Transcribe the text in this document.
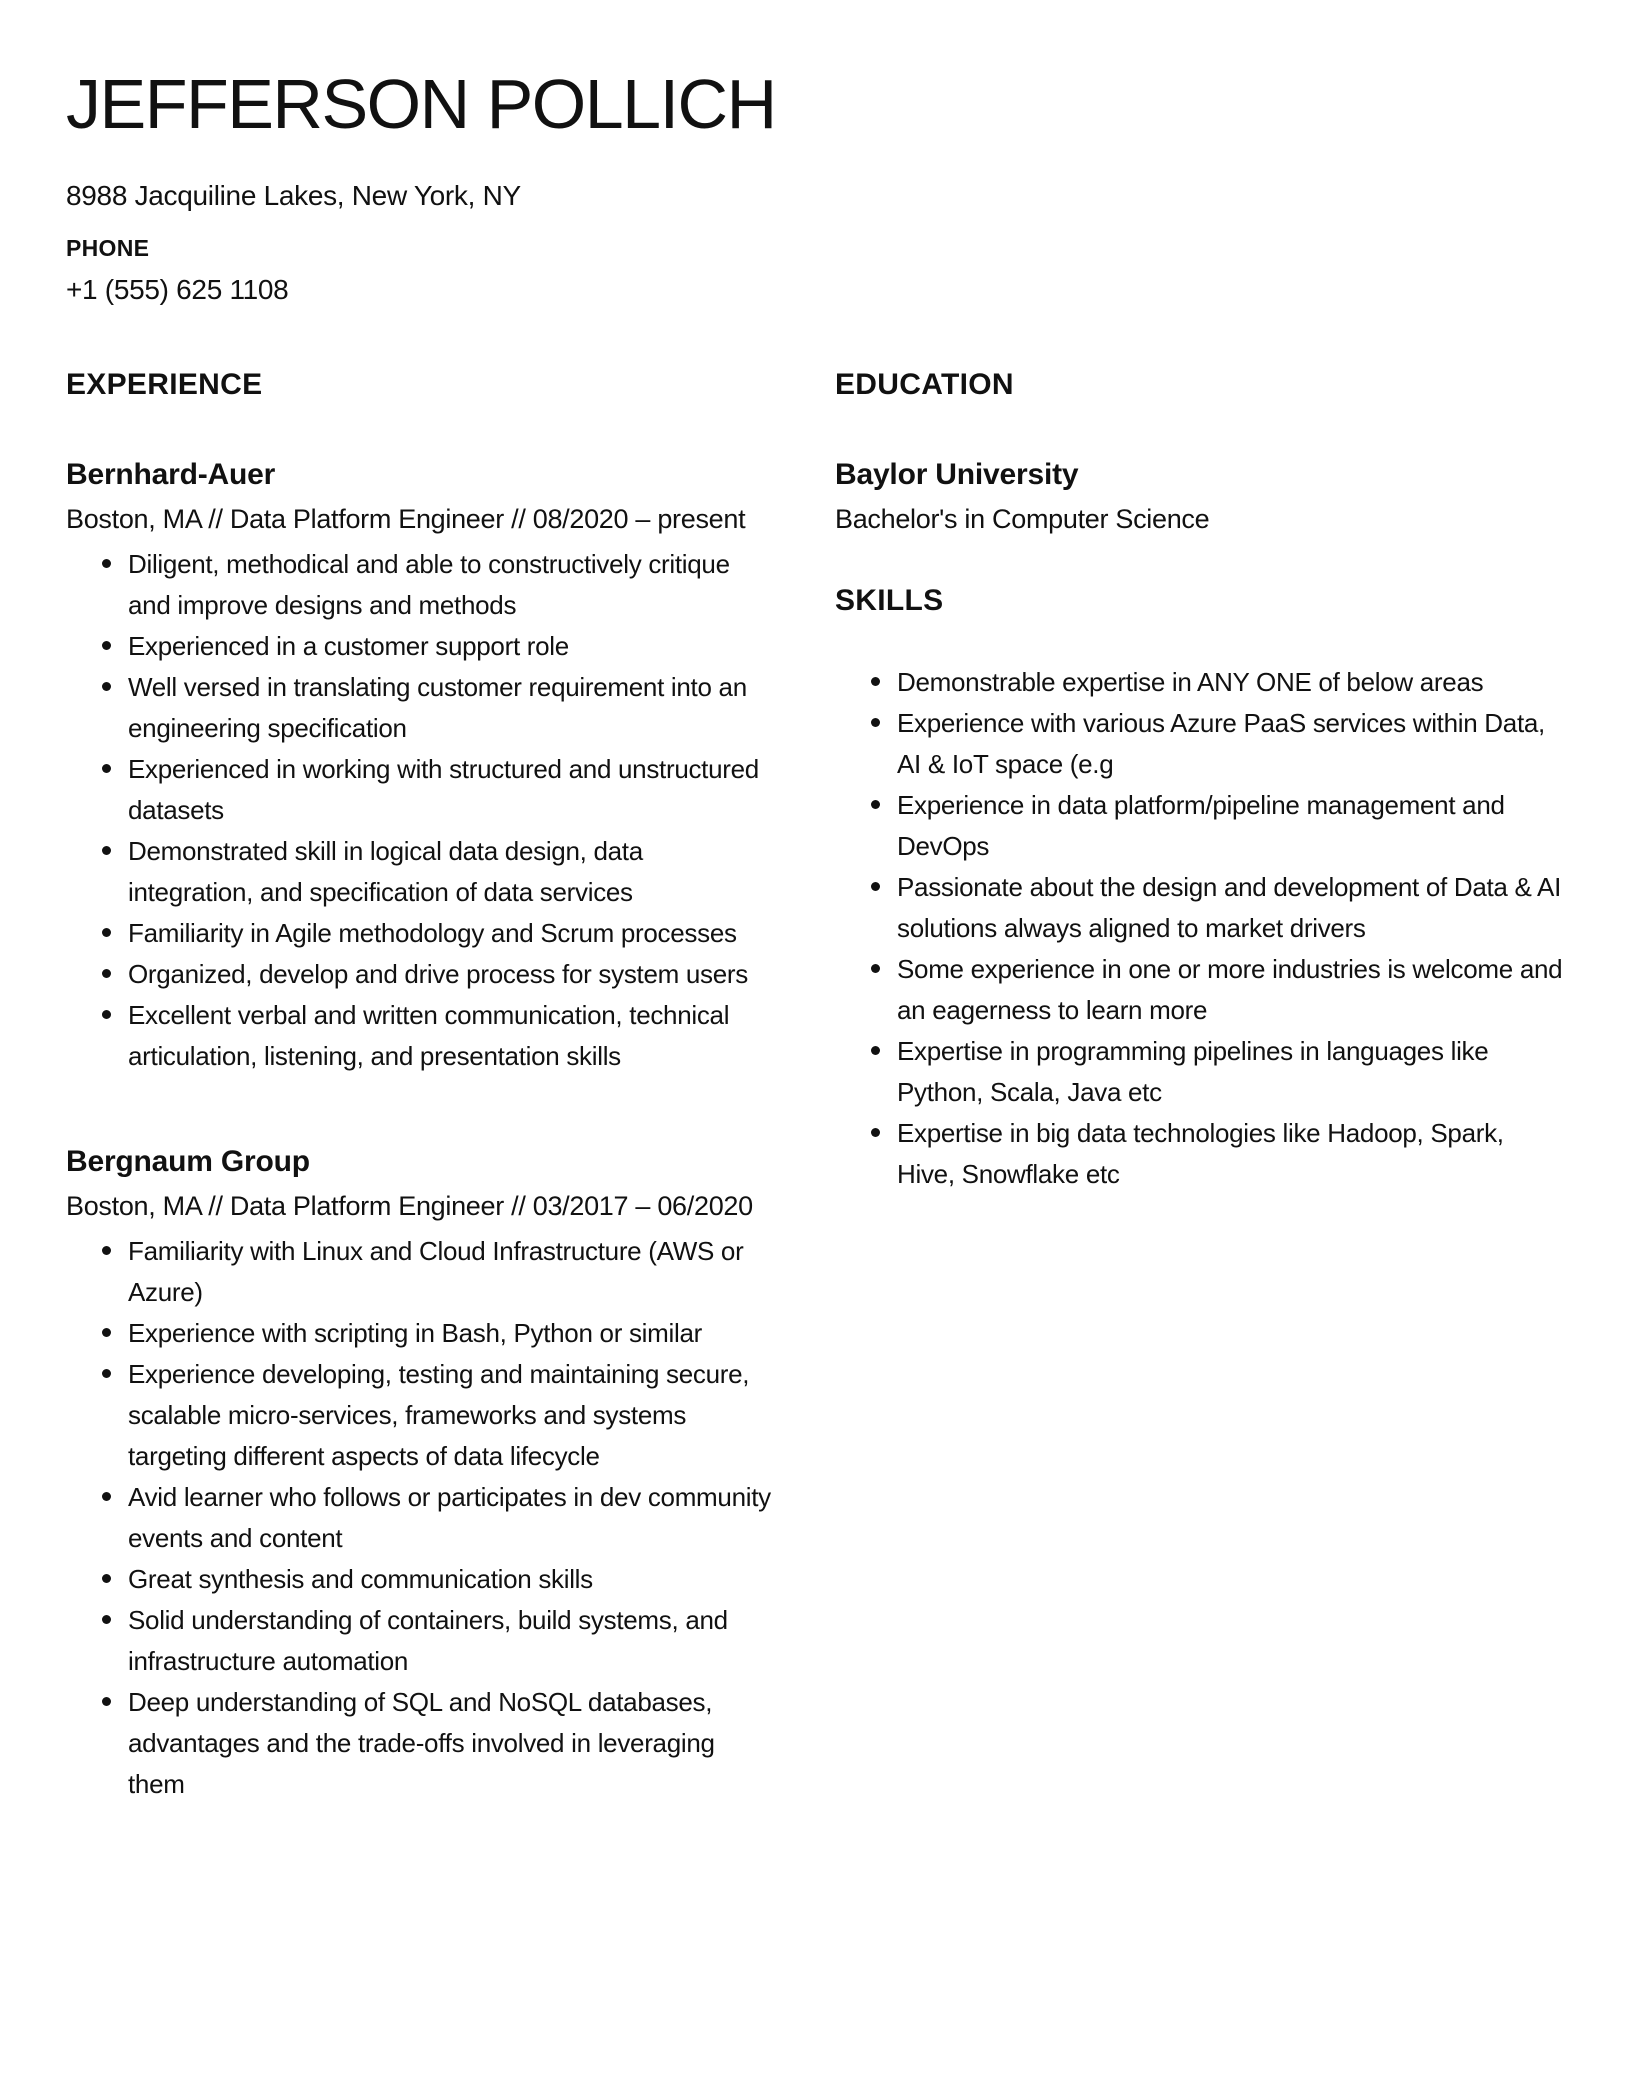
JEFFERSON POLLICH

8988 Jacquiline Lakes, New York, NY

PHONE
+1 (555) 625 1108
EXPERIENCE
Bernhard-Auer

Boston, MA // Data Platform Engineer // 08/2020 – present

Diligent, methodical and able to constructively critique and improve designs and methods
Experienced in a customer support role
Well versed in translating customer requirement into an engineering specification
Experienced in working with structured and unstructured datasets
Demonstrated skill in logical data design, data integration, and specification of data services
Familiarity in Agile methodology and Scrum processes
Organized, develop and drive process for system users
Excellent verbal and written communication, technical articulation, listening, and presentation skills
Bergnaum Group

Boston, MA // Data Platform Engineer // 03/2017 – 06/2020

Familiarity with Linux and Cloud Infrastructure (AWS or Azure)
Experience with scripting in Bash, Python or similar
Experience developing, testing and maintaining secure, scalable micro-services, frameworks and systems targeting different aspects of data lifecycle
Avid learner who follows or participates in dev community events and content
Great synthesis and communication skills
Solid understanding of containers, build systems, and infrastructure automation
Deep understanding of SQL and NoSQL databases, advantages and the trade-offs involved in leveraging them
EDUCATION
Baylor University

Bachelor's in Computer Science

SKILLS
Demonstrable expertise in ANY ONE of below areas
Experience with various Azure PaaS services within Data, AI & IoT space (e.g
Experience in data platform/pipeline management and DevOps
Passionate about the design and development of Data & AI solutions always aligned to market drivers
Some experience in one or more industries is welcome and an eagerness to learn more
Expertise in programming pipelines in languages like Python, Scala, Java etc
Expertise in big data technologies like Hadoop, Spark, Hive, Snowflake etc
